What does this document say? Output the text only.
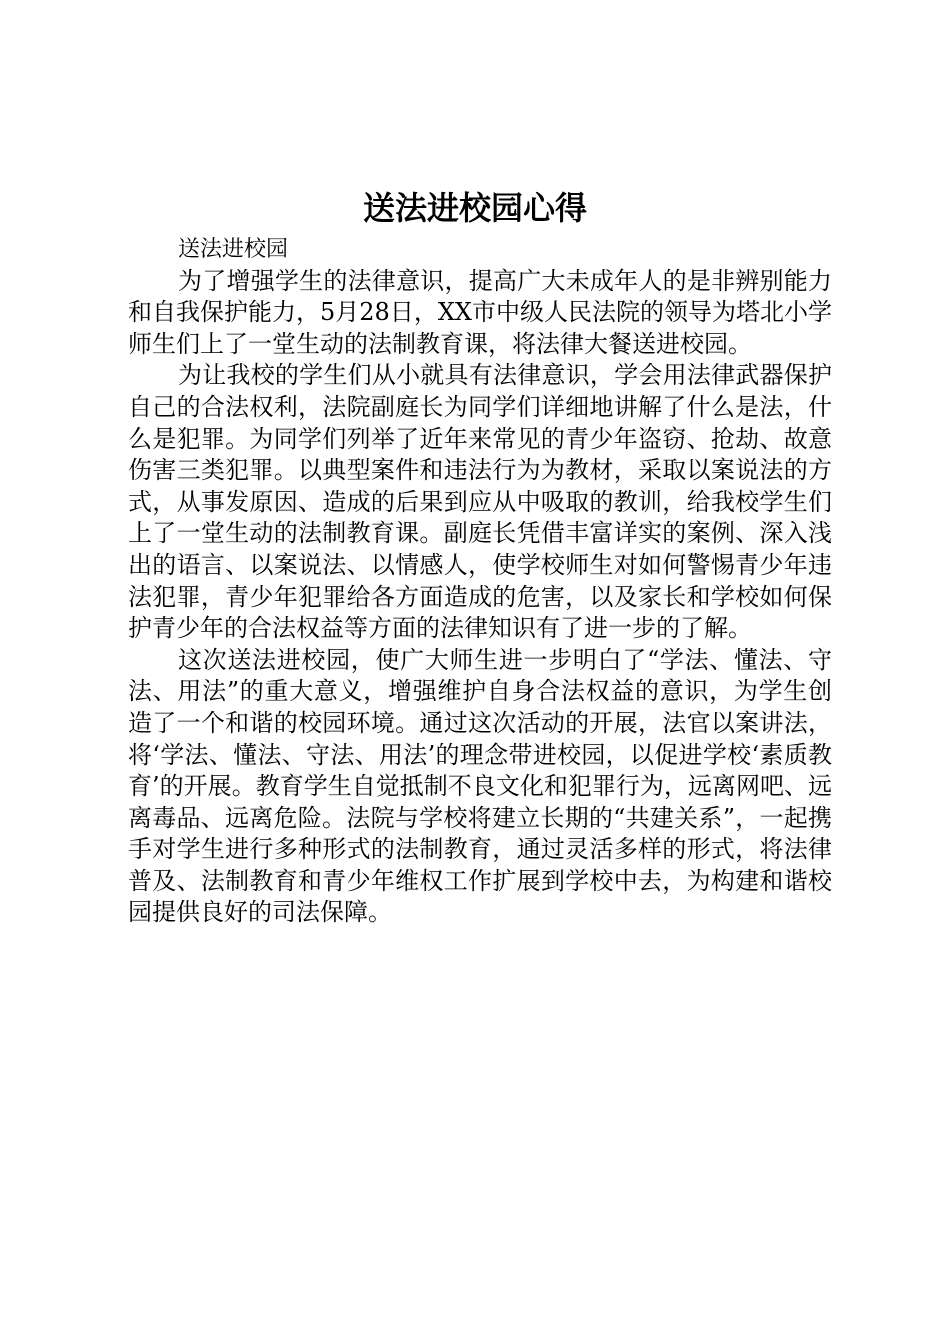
送法进校园心得

送法进校园

为了增强学生的法律意识，提高广大未成年人的是非辨别能力和自我保护能力，5月28日，XX市中级人民法院的领导为塔北小学师生们上了一堂生动的法制教育课，将法律大餐送进校园。

为让我校的学生们从小就具有法律意识，学会用法律武器保护自己的合法权利，法院副庭长为同学们详细地讲解了什么是法，什么是犯罪。为同学们列举了近年来常见的青少年盗窃、抢劫、故意伤害三类犯罪。以典型案件和违法行为为教材，采取以案说法的方式，从事发原因、造成的后果到应从中吸取的教训，给我校学生们上了一堂生动的法制教育课。副庭长凭借丰富详实的案例、深入浅出的语言、以案说法、以情感人，使学校师生对如何警惕青少年违法犯罪，青少年犯罪给各方面造成的危害，以及家长和学校如何保护青少年的合法权益等方面的法律知识有了进一步的了解。

这次送法进校园，使广大师生进一步明白了“学法、懂法、守法、用法”的重大意义，增强维护自身合法权益的意识，为学生创造了一个和谐的校园环境。通过这次活动的开展，法官以案讲法，将‘学法、懂法、守法、用法’的理念带进校园，以促进学校‘素质教育’的开展。教育学生自觉抵制不良文化和犯罪行为，远离网吧、远离毒品、远离危险。法院与学校将建立长期的“共建关系”，一起携手对学生进行多种形式的法制教育，通过灵活多样的形式，将法律普及、法制教育和青少年维权工作扩展到学校中去，为构建和谐校园提供良好的司法保障。
